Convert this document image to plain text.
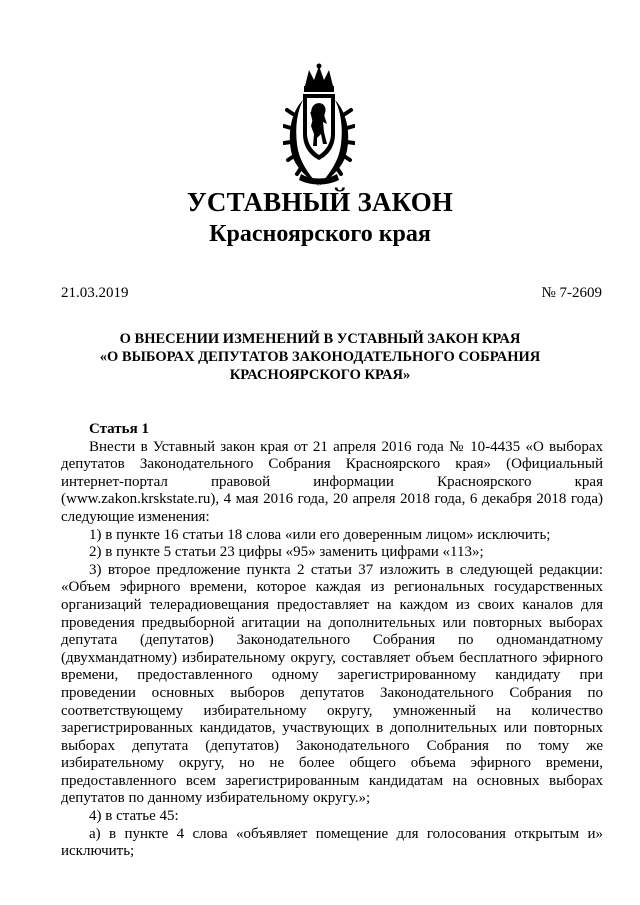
УСТАВНЫЙ ЗАКОН
Красноярского края
21.03.2019	№ 7-2609
О ВНЕСЕНИИ ИЗМЕНЕНИЙ В УСТАВНЫЙ ЗАКОН КРАЯ
«О ВЫБОРАХ ДЕПУТАТОВ ЗАКОНОДАТЕЛЬНОГО СОБРАНИЯ
КРАСНОЯРСКОГО КРАЯ»
Статья 1
Внести в Уставный закон края от 21 апреля 2016 года № 10-4435 «О выборах
депутатов Законодательного Собрания Красноярского края» (Официальный
интернет-портал правовой информации Красноярского края
(www.zakon.krskstate.ru), 4 мая 2016 года, 20 апреля 2018 года, 6 декабря 2018 года)
следующие изменения:
1) в пункте 16 статьи 18 слова «или его доверенным лицом» исключить;
2) в пункте 5 статьи 23 цифры «95» заменить цифрами «113»;
3) второе предложение пункта 2 статьи 37 изложить в следующей редакции:
«Объем эфирного времени, которое каждая из региональных государственных
организаций телерадиовещания предоставляет на каждом из своих каналов для
проведения предвыборной агитации на дополнительных или повторных выборах
депутата (депутатов) Законодательного Собрания по одномандатному
(двухмандатному) избирательному округу, составляет объем бесплатного эфирного
времени, предоставленного одному зарегистрированному кандидату при
проведении основных выборов депутатов Законодательного Собрания по
соответствующему избирательному округу, умноженный на количество
зарегистрированных кандидатов, участвующих в дополнительных или повторных
выборах депутата (депутатов) Законодательного Собрания по тому же
избирательному округу, но не более общего объема эфирного времени,
предоставленного всем зарегистрированным кандидатам на основных выборах
депутатов по данному избирательному округу.»;
4) в статье 45:
а) в пункте 4 слова «объявляет помещение для голосования открытым и»
исключить;
